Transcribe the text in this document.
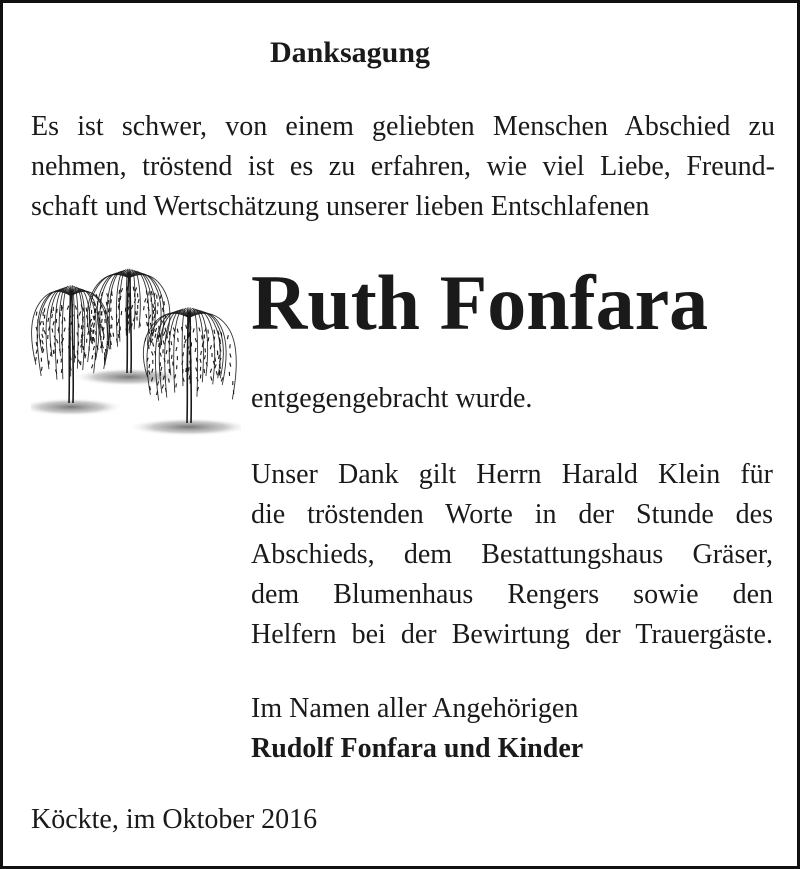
Danksagung
Es ist schwer, von einem geliebten Menschen Abschied zu
nehmen, tröstend ist es zu erfahren, wie viel Liebe, Freund-
schaft und Wertschätzung unserer lieben Entschlafenen
Ruth Fonfara
entgegengebracht wurde.
Unser Dank gilt Herrn Harald Klein für
die tröstenden Worte in der Stunde des
Abschieds, dem Bestattungshaus Gräser,
dem Blumenhaus Rengers sowie den
Helfern bei der Bewirtung der Trauergäste.
Im Namen aller Angehörigen
Rudolf Fonfara und Kinder
Köckte, im Oktober 2016
